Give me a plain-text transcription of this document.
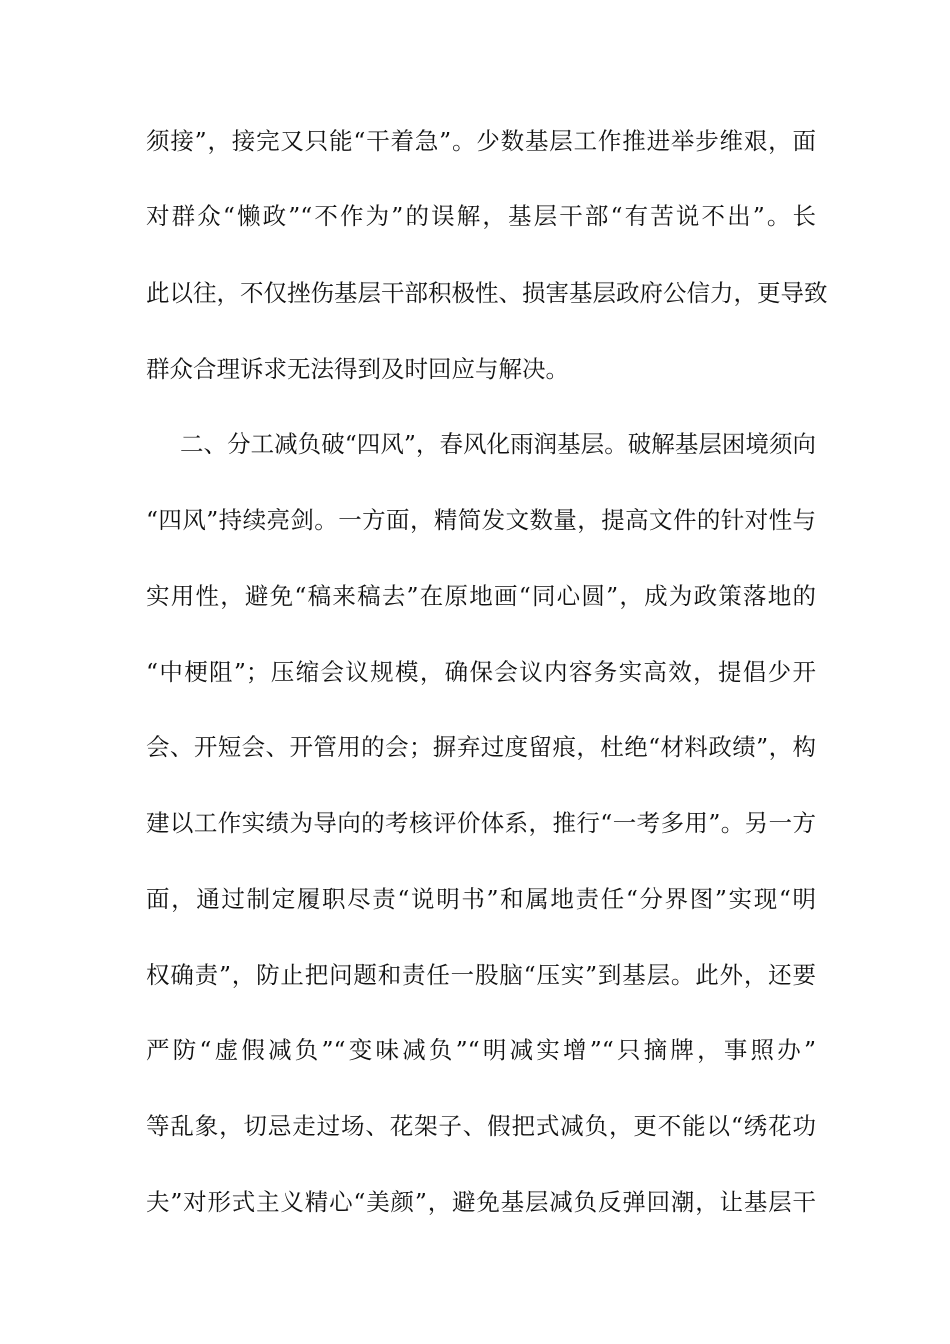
须接”，接完又只能“干着急”。少数基层工作推进举步维艰，面
对群众“懒政”“不作为”的误解，基层干部“有苦说不出”。长
此以往，不仅挫伤基层干部积极性、损害基层政府公信力，更导致
群众合理诉求无法得到及时回应与解决。
二、分工减负破“四风”，春风化雨润基层。破解基层困境须向
“四风”持续亮剑。一方面，精简发文数量，提高文件的针对性与
实用性，避免“稿来稿去”在原地画“同心圆”，成为政策落地的
“中梗阻”；压缩会议规模，确保会议内容务实高效，提倡少开
会、开短会、开管用的会；摒弃过度留痕，杜绝“材料政绩”，构
建以工作实绩为导向的考核评价体系，推行“一考多用”。另一方
面，通过制定履职尽责“说明书”和属地责任“分界图”实现“明
权确责”，防止把问题和责任一股脑“压实”到基层。此外，还要
严防“虚假减负”“变味减负”“明减实增”“只摘牌，事照办”
等乱象，切忌走过场、花架子、假把式减负，更不能以“绣花功
夫”对形式主义精心“美颜”，避免基层减负反弹回潮，让基层干
